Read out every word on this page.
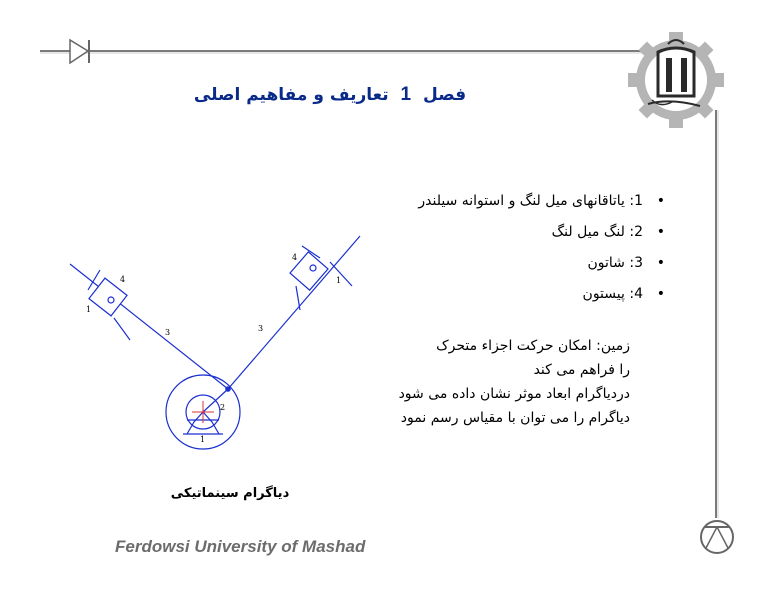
فصل 1 تعاریف و مفاهیم اصلی
• 1: یاتاقانهای میل لنگ و استوانه سیلندر
• 2: لنگ میل لنگ
• 3: شاتون
• 4: پیستون
زمین: امکان حرکت اجزاء متحرک
را فراهم می کند
دردیاگرام ابعاد موثر نشان داده می شود
دیاگرام را می توان با مقیاس رسم نمود
4
1
3
4
1
3
2
1
دیاگرام سینماتیکی
Ferdowsi University of Mashad
